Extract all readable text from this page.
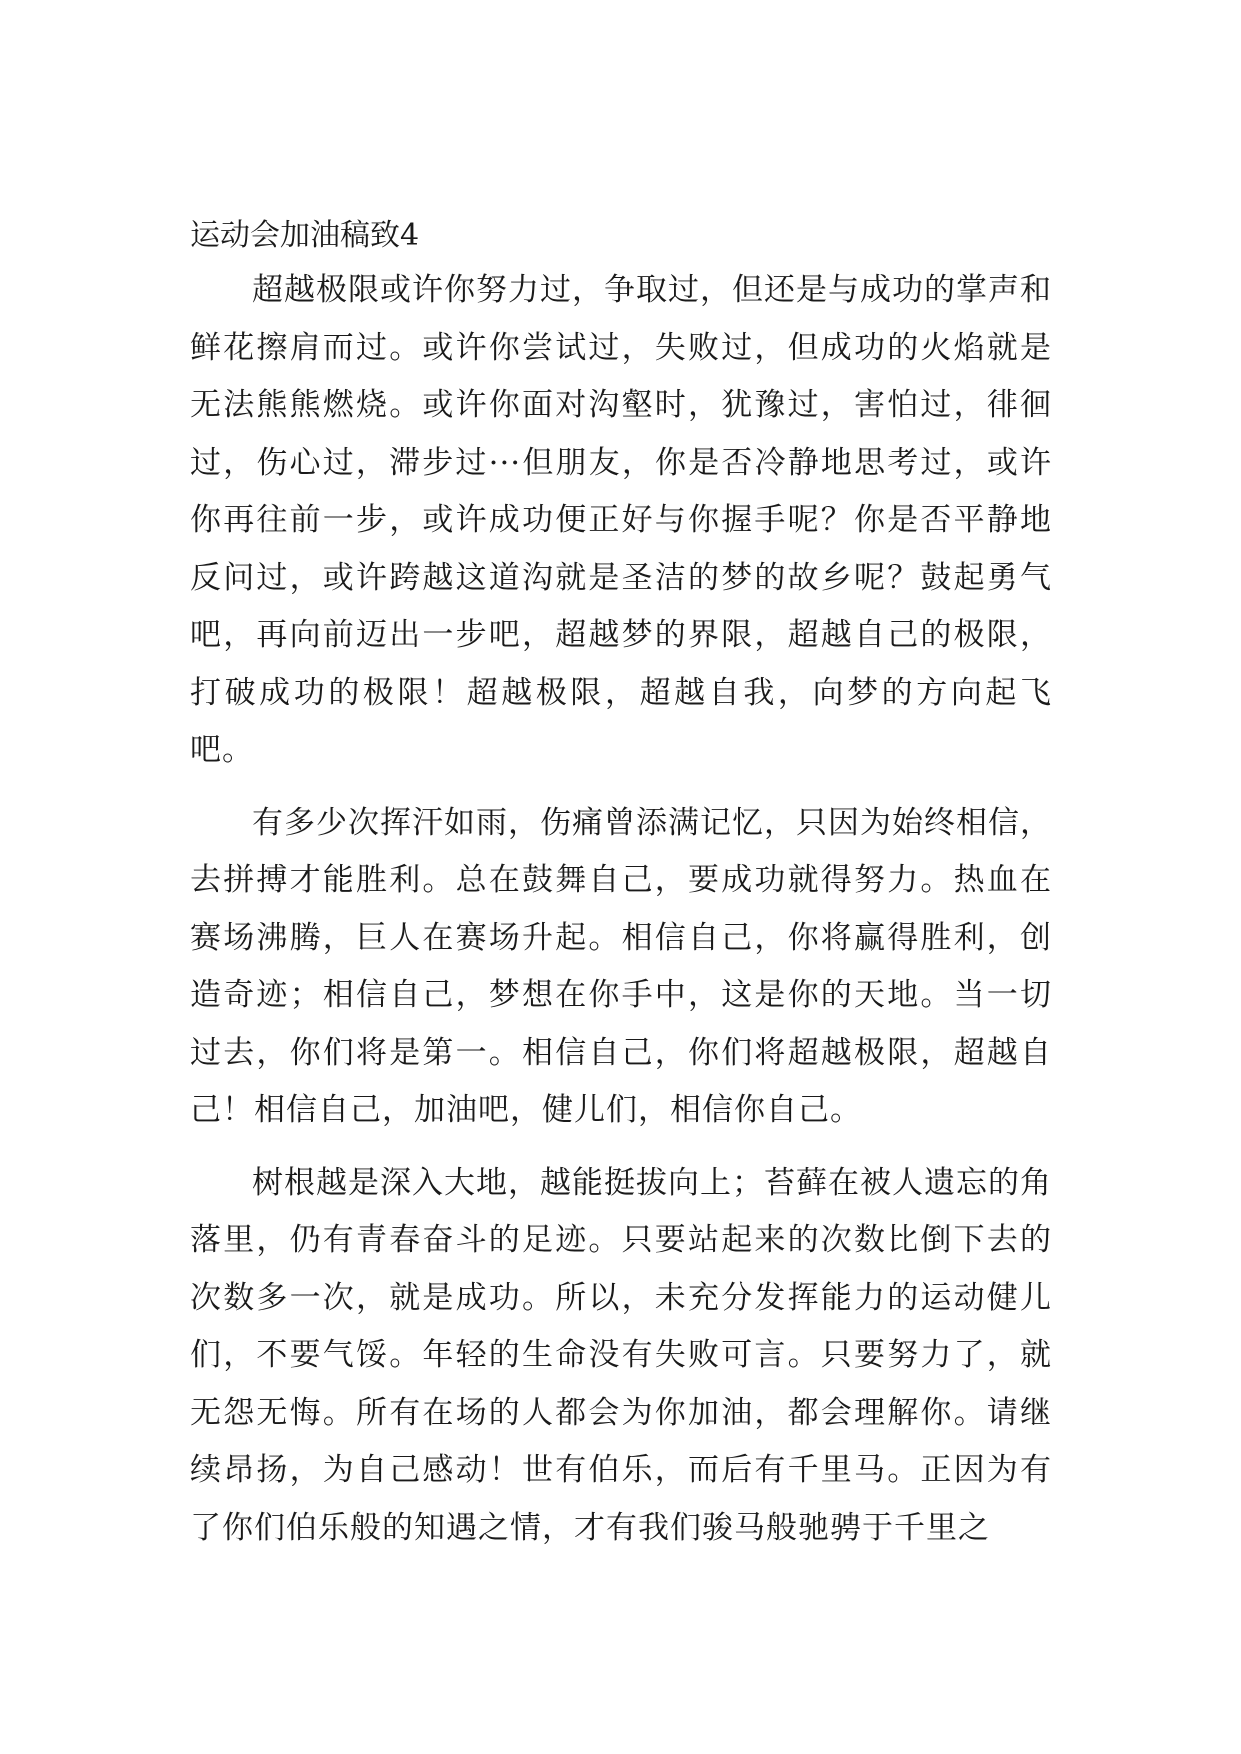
运动会加油稿致4

超越极限或许你努力过，争取过，但还是与成功的掌声和鲜花擦肩而过。或许你尝试过，失败过，但成功的火焰就是无法熊熊燃烧。或许你面对沟壑时，犹豫过，害怕过，徘徊过，伤心过，滞步过···但朋友，你是否冷静地思考过，或许你再往前一步，或许成功便正好与你握手呢？你是否平静地反问过，或许跨越这道沟就是圣洁的梦的故乡呢？鼓起勇气吧，再向前迈出一步吧，超越梦的界限，超越自己的极限，打破成功的极限！超越极限，超越自我，向梦的方向起飞吧。

有多少次挥汗如雨，伤痛曾添满记忆，只因为始终相信，去拼搏才能胜利。总在鼓舞自己，要成功就得努力。热血在赛场沸腾，巨人在赛场升起。相信自己，你将赢得胜利，创造奇迹；相信自己，梦想在你手中，这是你的天地。当一切过去，你们将是第一。相信自己，你们将超越极限，超越自己！相信自己，加油吧，健儿们，相信你自己。

树根越是深入大地，越能挺拔向上；苔藓在被人遗忘的角落里，仍有青春奋斗的足迹。只要站起来的次数比倒下去的次数多一次，就是成功。所以，未充分发挥能力的运动健儿们，不要气馁。年轻的生命没有失败可言。只要努力了，就无怨无悔。所有在场的人都会为你加油，都会理解你。请继续昂扬，为自己感动！世有伯乐，而后有千里马。正因为有了你们伯乐般的知遇之情，才有我们骏马般驰骋于千里之
